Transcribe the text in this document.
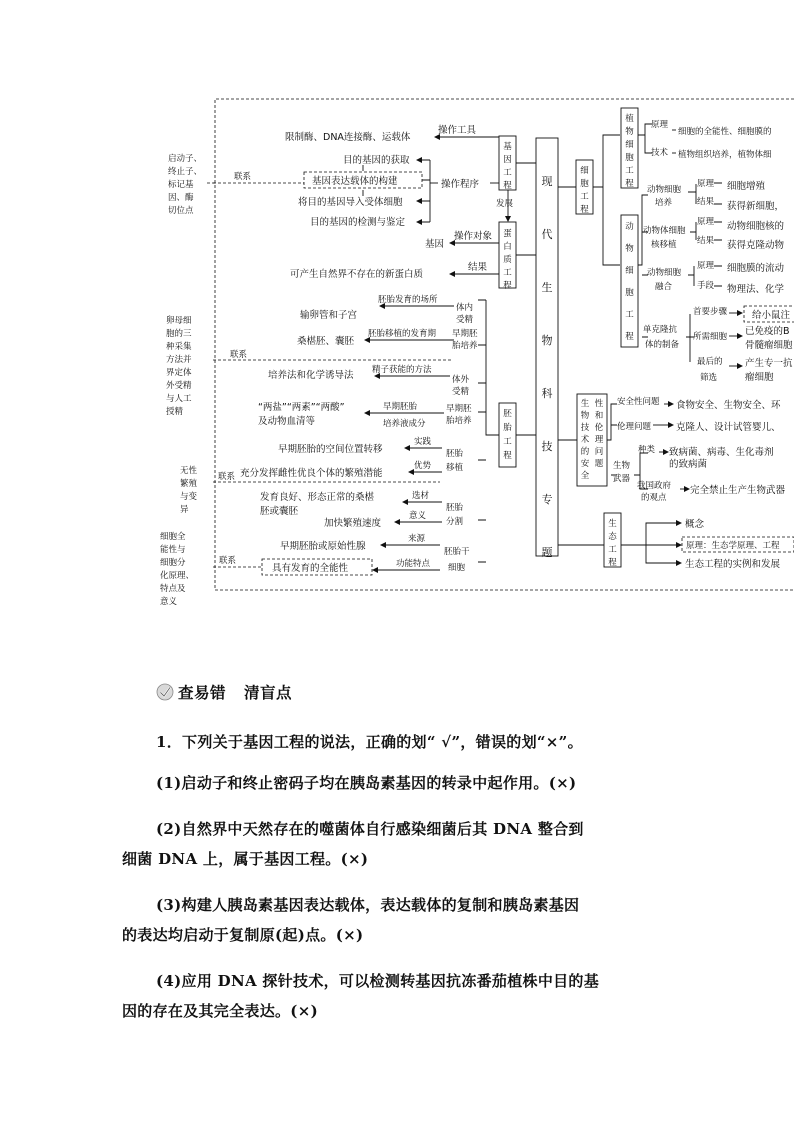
现
代
生
物
科
技
专
题
基
因
工
程
操作工具
限制酶、DNA连接酶、运载体
操作程序
目的基因的获取
基因表达载体的构建
将目的基因导入受体细胞
目的基因的检测与鉴定
发展
启动子、
终止子、
标记基
因、酶
切位点
联系
蛋
白
质
工
程
操作对象
基因
结果
可产生自然界不存在的新蛋白质
胚
胎
工
程
体内
受精
胚胎发育的场所
输卵管和子宫
胚胎移植的发育期
桑椹胚、囊胚
早期胚
胎培养
卵母细
胞的三
种采集
方法并
界定体
外受精
与人工
授精
联系
体外
受精
精子获能的方法
培养法和化学诱导法
早期胚
胎培养
早期胚胎
培养液成分
“两盐”“两素”“两酸”
及动物血清等
胚胎
移植
实践
早期胚胎的空间位置转移
优势
充分发挥雌性优良个体的繁殖潜能
无性
繁殖
与变
异
联系
胚胎
分割
选材
发育良好、形态正常的桑椹
胚或囊胚	意义
加快繁殖速度
胚胎干
细胞
来源
早期胚胎或原始性腺
功能特点
具有发育的全能性
细胞全
能性与
细胞分
化原理、
特点及
意义
联系
细
胞
工
程
植
物
细
胞
工
程
原理
细胞的全能性、细胞膜的
技术 植物组织培养，植物体细
动
物
细
胞
工
程
动物细胞
培养
原理 细胞增殖
结果 获得新细胞，
动物体细胞
核移植
原理 动物细胞核的
结果 获得克隆动物
动物细胞
融合
原理 细胞膜的流动
手段 物理法、化学
单克隆抗
体的制备
首要步骤	给小鼠注
所需细胞 已免疫的B
骨髓瘤细胞
最后的
筛选
产生专一抗
瘤细胞
生
物
技
术
的
安
全
性
和
伦
理
问
题
安全性问题 食物安全、生物安全、环
伦理问题	克隆人、设计试管婴儿、
生物
武器
种类 致病菌、病毒、生化毒剂
的致病菌
我国政府
的观点
完全禁止生产生物武器
生
态
工
程
概念
原理：生态学原理、工程
生态工程的实例和发展
查易错 清盲点
1．下列关于基因工程的说法，正确的划“ √”，错误的划“×”。
(1)启动子和终止密码子均在胰岛素基因的转录中起作用。(×)
(2)自然界中天然存在的噬菌体自行感染细菌后其 DNA 整合到
细菌 DNA 上，属于基因工程。(×)
(3)构建人胰岛素基因表达载体，表达载体的复制和胰岛素基因
的表达均启动于复制原(起)点。(×)
(4)应用 DNA 探针技术，可以检测转基因抗冻番茄植株中目的基
因的存在及其完全表达。(×)
